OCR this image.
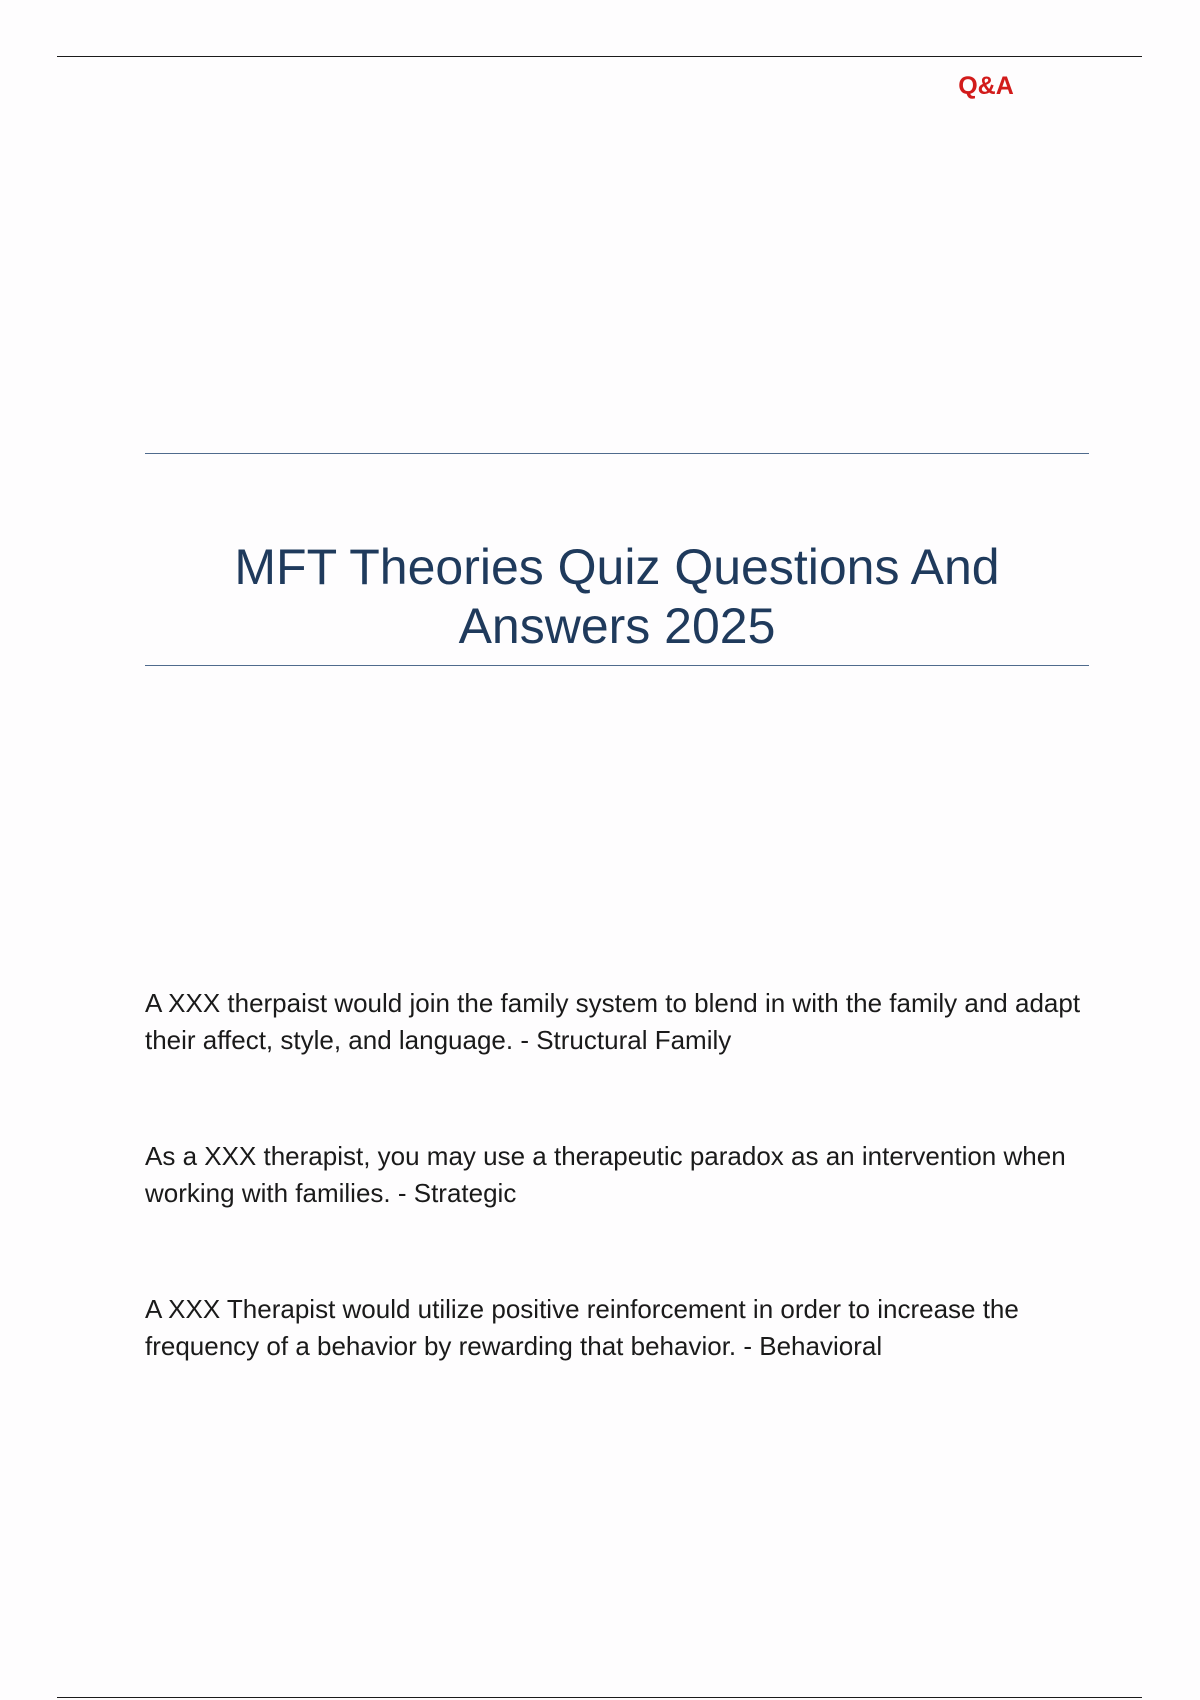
Q&A
MFT Theories Quiz Questions And Answers 2025

A XXX therpaist would join the family system to blend in with the family and adapt their affect, style, and language. - Structural Family

As a XXX therapist, you may use a therapeutic paradox as an intervention when working with families. - Strategic

A XXX Therapist would utilize positive reinforcement in order to increase the frequency of a behavior by rewarding that behavior. - Behavioral
